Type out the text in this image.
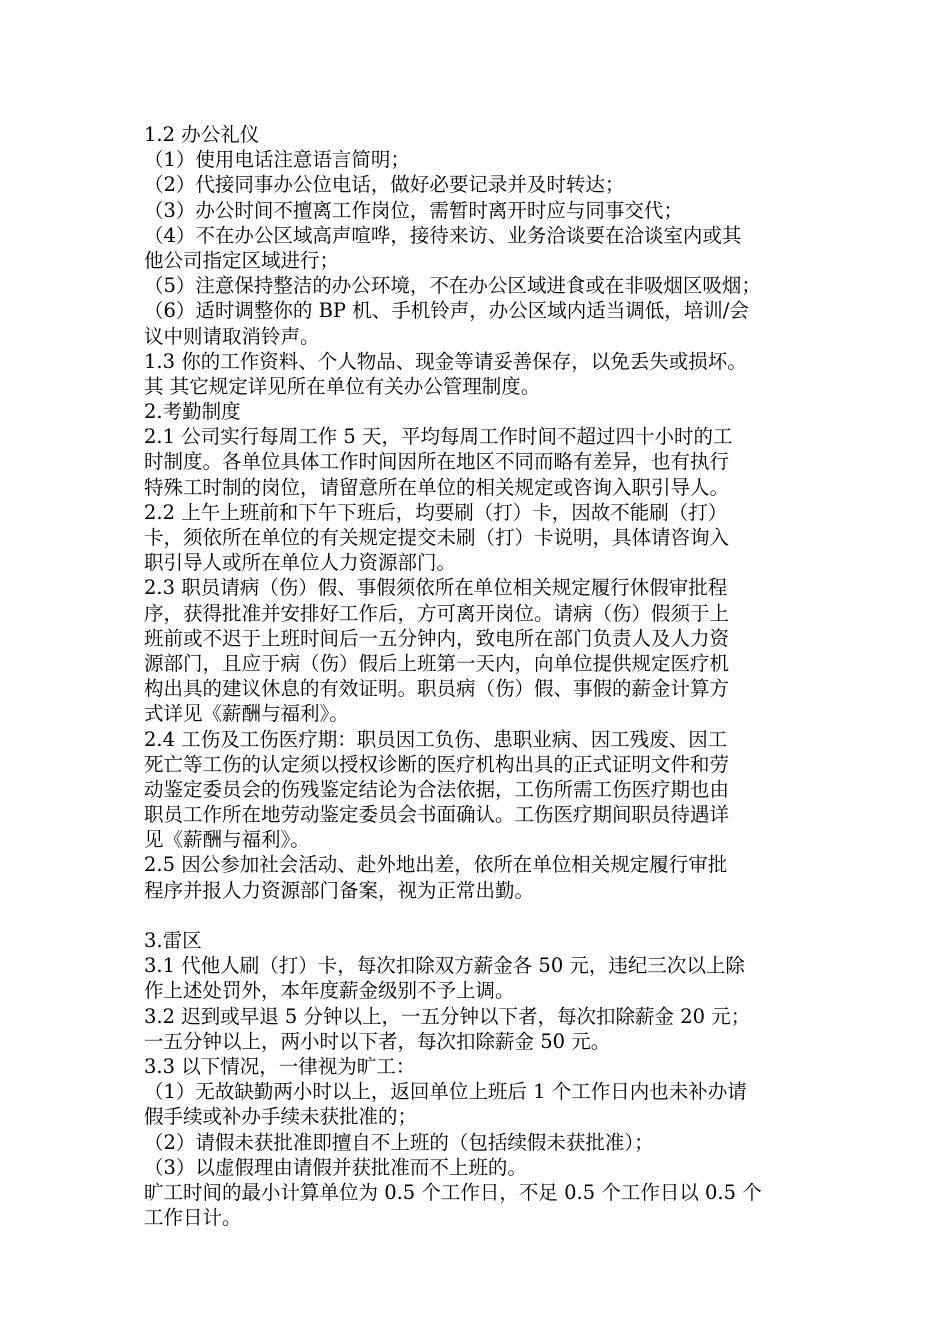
1.2 办公礼仪
（1）使用电话注意语言简明；
（2）代接同事办公位电话，做好必要记录并及时转达；
（3）办公时间不擅离工作岗位，需暂时离开时应与同事交代；
（4）不在办公区域高声喧哗，接待来访、业务洽谈要在洽谈室内或其
他公司指定区域进行；
（5）注意保持整洁的办公环境，不在办公区域进食或在非吸烟区吸烟；
（6）适时调整你的 BP 机、手机铃声，办公区域内适当调低，培训/会
议中则请取消铃声。
1.3 你的工作资料、个人物品、现金等请妥善保存，以免丢失或损坏。
其 其它规定详见所在单位有关办公管理制度。
2.考勤制度
2.1 公司实行每周工作 5 天，平均每周工作时间不超过四十小时的工
时制度。各单位具体工作时间因所在地区不同而略有差异，也有执行
特殊工时制的岗位，请留意所在单位的相关规定或咨询入职引导人。
2.2 上午上班前和下午下班后，均要刷（打）卡，因故不能刷（打）
卡，须依所在单位的有关规定提交未刷（打）卡说明，具体请咨询入
职引导人或所在单位人力资源部门。
2.3 职员请病（伤）假、事假须依所在单位相关规定履行休假审批程
序，获得批准并安排好工作后，方可离开岗位。请病（伤）假须于上
班前或不迟于上班时间后一五分钟内，致电所在部门负责人及人力资
源部门，且应于病（伤）假后上班第一天内，向单位提供规定医疗机
构出具的建议休息的有效证明。职员病（伤）假、事假的薪金计算方
式详见《薪酬与福利》。
2.4 工伤及工伤医疗期：职员因工负伤、患职业病、因工残废、因工
死亡等工伤的认定须以授权诊断的医疗机构出具的正式证明文件和劳
动鉴定委员会的伤残鉴定结论为合法依据，工伤所需工伤医疗期也由
职员工作所在地劳动鉴定委员会书面确认。工伤医疗期间职员待遇详
见《薪酬与福利》。
2.5 因公参加社会活动、赴外地出差，依所在单位相关规定履行审批
程序并报人力资源部门备案，视为正常出勤。
3.雷区
3.1 代他人刷（打）卡，每次扣除双方薪金各 50 元，违纪三次以上除
作上述处罚外，本年度薪金级别不予上调。
3.2 迟到或早退 5 分钟以上，一五分钟以下者，每次扣除薪金 20 元；
一五分钟以上，两小时以下者，每次扣除薪金 50 元。
3.3 以下情况，一律视为旷工：
（1）无故缺勤两小时以上，返回单位上班后 1 个工作日内也未补办请
假手续或补办手续未获批准的；
（2）请假未获批准即擅自不上班的（包括续假未获批准）；
（3）以虚假理由请假并获批准而不上班的。
旷工时间的最小计算单位为 0.5 个工作日，不足 0.5 个工作日以 0.5 个
工作日计。
